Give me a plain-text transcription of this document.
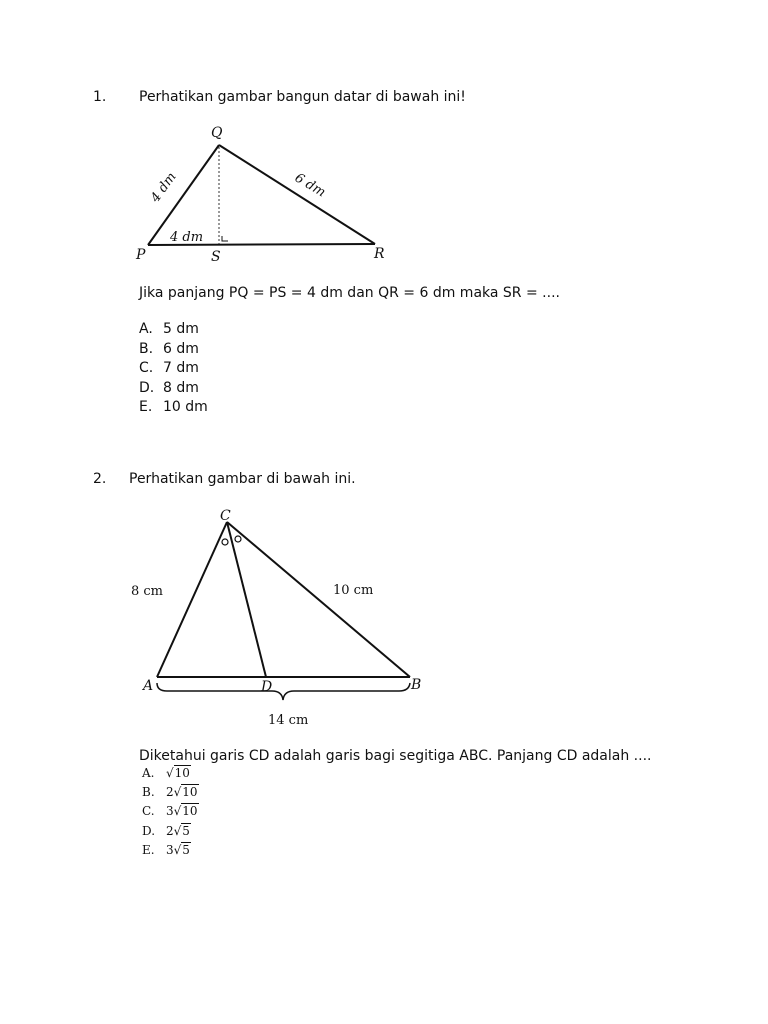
1. Perhatikan gambar bangun datar di bawah ini!
Q
P	S	R
4 dm	6 dm
4 dm
Jika panjang PQ = PS = 4 dm dan QR = 6 dm maka SR = ....
A. 5 dm
B. 6 dm
C. 7 dm
D. 8 dm
E. 10 dm
2. Perhatikan gambar di bawah ini.
C
A	D	B
8 cm	10 cm
14 cm
Diketahui garis CD adalah garis bagi segitiga ABC. Panjang CD adalah ....
A. √10
B. 2√10
C. 3√10
D. 2√5
E. 3√5
